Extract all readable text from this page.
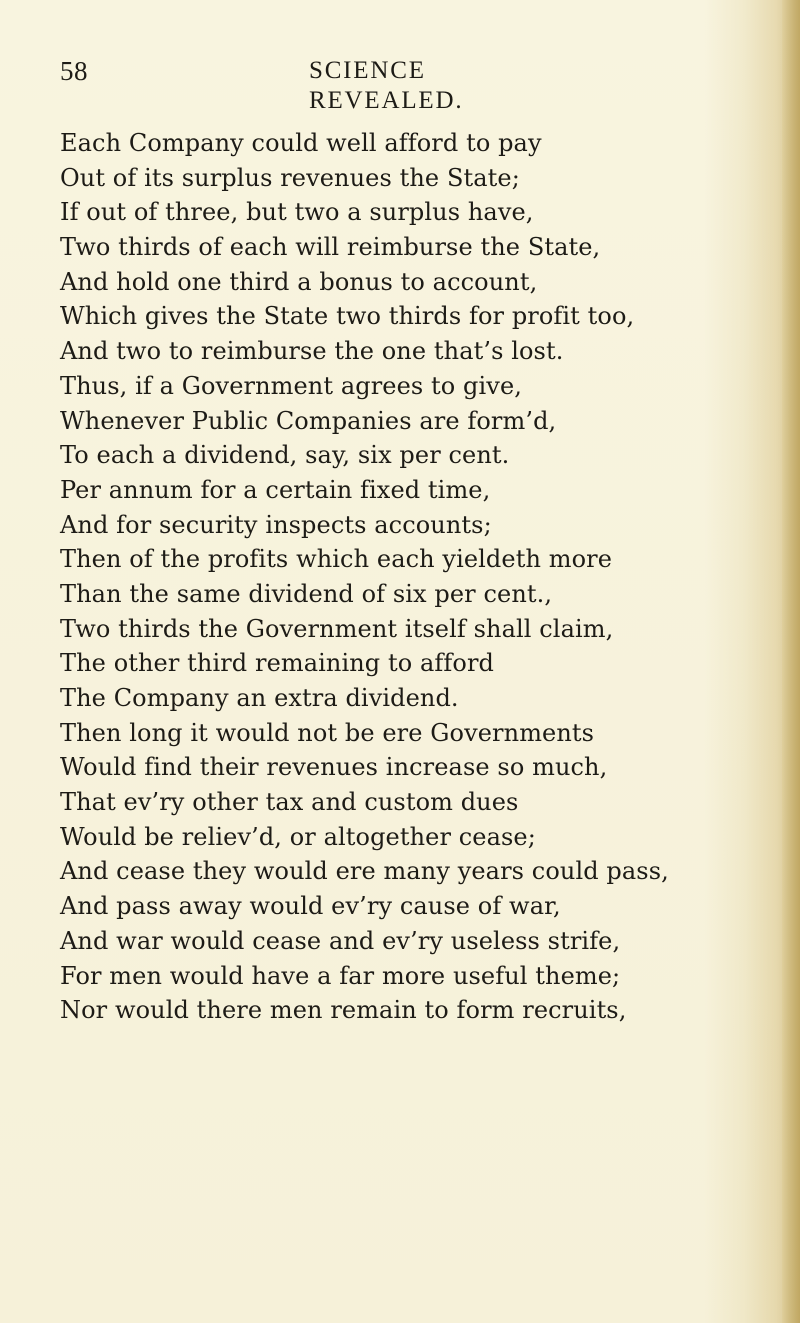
58	SCIENCE REVEALED.
Each Company could well afford to pay
Out of its surplus revenues the State;
If out of three, but two a surplus have,
Two thirds of each will reimburse the State,
And hold one third a bonus to account,
Which gives the State two thirds for profit too,
And two to reimburse the one that’s lost.
Thus, if a Government agrees to give,
Whenever Public Companies are form’d,
To each a dividend, say, six per cent.
Per annum for a certain fixed time,
And for security inspects accounts;
Then of the profits which each yieldeth more
Than the same dividend of six per cent.,
Two thirds the Government itself shall claim,
The other third remaining to afford
The Company an extra dividend.
Then long it would not be ere Governments
Would find their revenues increase so much,
That ev’ry other tax and custom dues
Would be reliev’d, or altogether cease;
And cease they would ere many years could pass,
And pass away would ev’ry cause of war,
And war would cease and ev’ry useless strife,
For men would have a far more useful theme;
Nor would there men remain to form recruits,
